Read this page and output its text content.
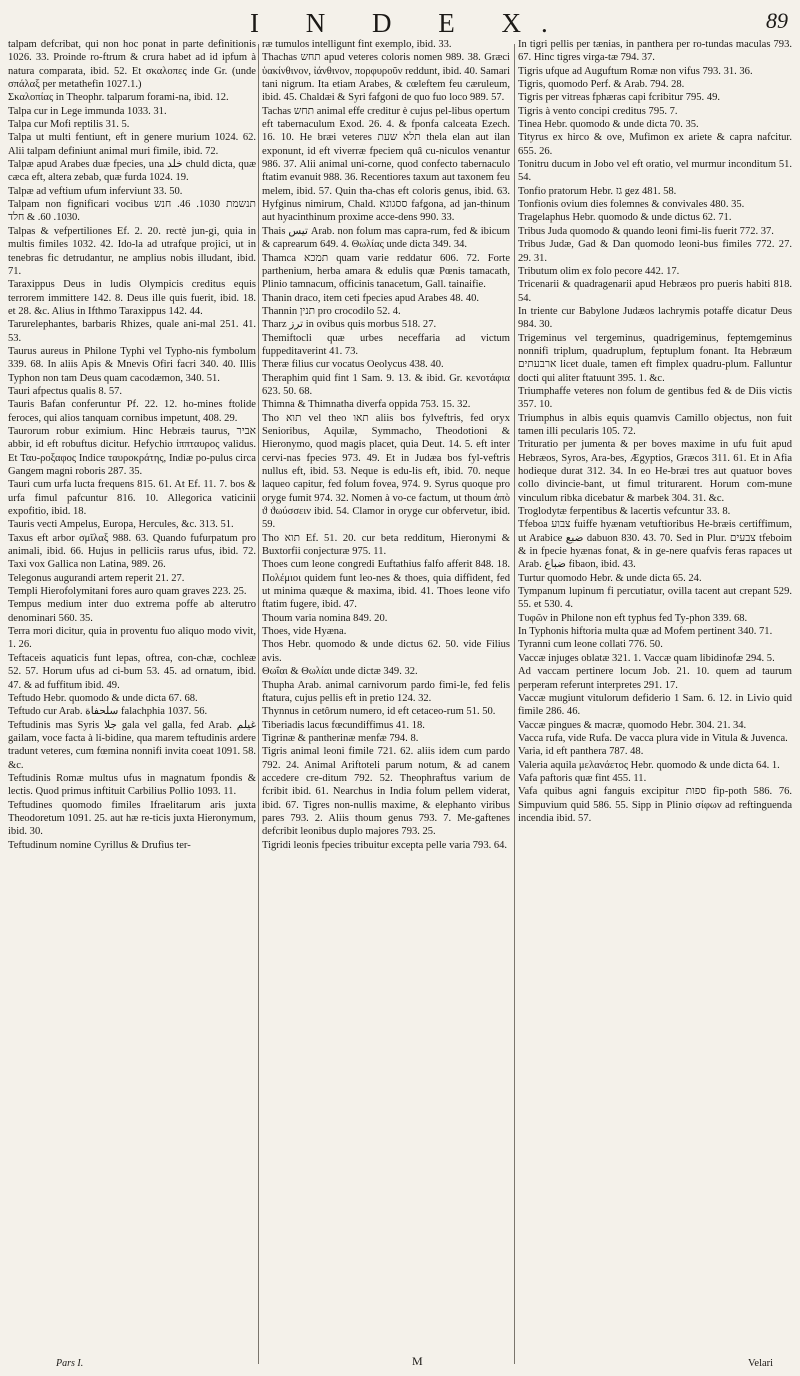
I N D E X.	89

talpam defcribat, qui non hoc ponat in parte definitionis 1026. 33. Proinde ro-ftrum & crura habet ad id ipfum à natura comparata, ibid. 52. Et σκαλοπες inde Gr. (unde σπάλαξ per metathefin 1027.1.)

Σκαλοπίας in Theophr. talparum forami-na, ibid. 12.

Talpa cur in Lege immunda 1033. 31.

Talpa cur Mofi reptilis 31. 5.

Talpa ut multi fentiunt, eft in genere murium 1024. 62. Alii talpam definiunt animal muri fimile, ibid. 72.

Talpæ apud Arabes duæ fpecies, una خلد chuld dicta, quæ cæca eft, altera zebab, quæ furda 1024. 19.

Talpæ ad veftium ufum inferviunt 33. 50.

Talpam non fignificari vocibus תנשמת 1030. 46. חנש 1030. 60. & חלד.

Talpas & vefpertiliones Ef. 2. 20. rectè jun-gi, quia in multis fimiles 1032. 42. Ido-la ad utrafque projici, ut in tenebras fic detrudantur, ne amplius nobis illudant, ibid. 71.

Taraxippus Deus in ludis Olympicis creditus equis terrorem immittere 142. 8. Deus ille quis fuerit, ibid. 18. et 28. &c. Alius in Ifthmo Taraxippus 142. 44.

Tarurelephantes, barbaris Rhizes, quale ani-mal 251. 41. 53.

Taurus aureus in Philone Typhi vel Typho-nis fymbolum 339. 68. In aliis Apis & Mnevis Ofiri facri 340. 40. Illis Typhon non tam Deus quam cacodæmon, 340. 51.

Tauri afpectus qualis 8. 57.

Tauris Bafan conferuntur Pf. 22. 12. ho-mines ftolide feroces, qui alios tanquam cornibus impetunt, 408. 29.

Taurorum robur eximium. Hinc Hebræis taurus, אביר abbir, id eft robuftus dicitur. Hefychio ἱππταυρος validus. Et Ταυ-ροξαφος Indice ταυροκράτης, Indiæ po-pulus circa Gangem magni roboris 287. 35.

Tauri cum urfa lucta frequens 815. 61. At Ef. 11. 7. bos & urfa fimul pafcuntur 816. 10. Allegorica vaticinii expofitio, ibid. 18.

Tauris vecti Ampelus, Europa, Hercules, &c. 313. 51.

Taxus eft arbor σμῖλαξ 988. 63. Quando fufurpatum pro animali, ibid. 66. Hujus in pelliciis rarus ufus, ibid. 72. Taxi vox Gallica non Latina, 989. 26.

Telegonus augurandi artem reperit 21. 27.

Templi Hierofolymitani fores auro quam graves 223. 25.

Tempus medium inter duo extrema poffe ab alterutro denominari 560. 35.

Terra mori dicitur, quia in proventu fuo aliquo modo vivit, 1. 26.

Teftaceis aquaticis funt lepas, oftrea, con-chæ, cochleæ 52. 57. Horum ufus ad ci-bum 53. 45. ad ornatum, ibid. 47. & ad fuffitum ibid. 49.

Teftudo Hebr. quomodo & unde dicta 67. 68.

Teftudo cur Arab. سلحفاة falachphia 1037. 56.

Teftudinis mas Syris جلا gala vel galla, fed Arab. غيلم gailam, voce facta à li-bidine, qua marem teftudinis ardere tradunt veteres, cum fœmina nonnifi invita coeat 1091. 58. &c.

Teftudinis Romæ multus ufus in magnatum fpondis & lectis. Quod primus inftituit Carbilius Pollio 1093. 11.

Teftudines quomodo fimiles Ifraelitarum aris juxta Theodoretum 1091. 25. aut hæ re-ticis juxta Hieronymum, ibid. 30.

Teftudinum nomine Cyrillus & Drufius ter-

ræ tumulos intelligunt fint exemplo, ibid. 33.

Thachas תחש apud veteres coloris nomen 989. 38. Græci ὑακίνθινον, ἰάνθινον, πορφυροῦν reddunt, ibid. 40. Samari tani nigrum. Ita etiam Arabes, & cœleftem feu cæruleum, ibid. 45. Chaldæi & Syri fafgoni de quo fuo loco 989. 57.

Tachas תחש animal effe creditur è cujus pel-libus opertum eft tabernaculum Exod. 26. 4. & fponfa calceata Ezech. 16. 10. He bræi veteres תלא שעת thela elan aut ilan exponunt, id eft viverræ fpeciem quâ cu-niculos venantur 986. 37. Alii animal uni-corne, quod confecto tabernaculo ftatim evanuit 988. 36. Recentiores taxum aut taxonem feu melem, ibid. 57. Quin tha-chas eft coloris genus, ibid. 63. Hyfginus nimirum, Chald. ססגונא fafgona, ad jan-thinum aut hyacinthinum proxime acce-dens 990. 33.

Thais تيس Arab. non folum mas capra-rum, fed & ibicum & caprearum 649. 4. Θωλίας unde dicta 349. 34.

Thamca תמכא quam varie reddatur 606. 72. Forte parthenium, herba amara & edulis quæ Pœnis tamacath, Plinio tamnacum, officinis tanacetum, Gall. tainaifie.

Thanin draco, item ceti fpecies apud Arabes 48. 40.

Thannin תנין pro crocodilo 52. 4.

Tharz ترز in ovibus quis morbus 518. 27.

Themiftocli quæ urbes neceffaria ad victum fuppeditaverint 41. 73.

Theræ filius cur vocatus Oeolycus 438. 40.

Theraphim quid fint 1 Sam. 9. 13. & ibid. Gr. κενοτάφια 623. 50. 68.

Thimna & Thimnatha diverfa oppida 753. 15. 32.

Tho תוא vel theo תאו aliis bos fylveftris, fed oryx Senioribus, Aquilæ, Symmacho, Theodotioni & Hieronymo, quod magis placet, quia Deut. 14. 5. eft inter cervi-nas fpecies 973. 49. Et in Judæa bos fyl-veftris nullus eft, ibid. 53. Neque is edu-lis eft, ibid. 70. neque laqueo capitur, fed folum fovea, 974. 9. Syrus quoque pro oryge fumit 974. 32. Nomen à vo-ce factum, ut thoum ἀπὸ ϑ ϑωύσσειν ibid. 54. Clamor in oryge cur obfervetur, ibid. 59.

Tho תוא Ef. 51. 20. cur beta redditum, Hieronymi & Buxtorfii conjecturæ 975. 11.

Thoes cum leone congredi Euftathius falfo afferit 848. 18. Πολέμιοι quidem funt leo-nes & thoes, quia diffident, fed ut minima quæque & maxima, ibid. 41. Thoes leone vifo ftatim fugere, ibid. 47.

Thoum varia nomina 849. 20.

Thoes, vide Hyæna.

Thos Hebr. quomodo & unde dictus 62. 50. vide Filius avis.

Θωΐαι & Θωλίαι unde dictæ 349. 32.

Thupha Arab. animal carnivorum pardo fimi-le, fed felis ftatura, cujus pellis eft in pretio 124. 32.

Thynnus in cetôrum numero, id eft cetaceo-rum 51. 50.

Tiberiadis lacus fœcundiffimus 41. 18.

Tigrinæ & pantherinæ menfæ 794. 8.

Tigris animal leoni fimile 721. 62. aliis idem cum pardo 792. 24. Animal Ariftoteli parum notum, & ad canem accedere cre-ditum 792. 52. Theophraftus varium de fcribit ibid. 61. Nearchus in India folum pellem viderat, ibid. 67. Tigres non-nullis maxime, & elephanto viribus pares 793. 2. Aliis thoum genus 793. 7. Me-gaftenes defcribit leonibus duplo majores 793. 25.

Tigridi leonis fpecies tribuitur excepta pelle varia 793. 64.

In tigri pellis per tænias, in panthera per ro-tundas maculas 793. 67. Hinc tigres virga-tæ 794. 37.

Tigris ufque ad Auguftum Romæ non vifus 793. 31. 36.

Tigris, quomodo Perf. & Arab. 794. 28.

Tigris per vitreas fphæras capi fcribitur 795. 49.

Tigris à vento concipi creditus 795. 7.

Tinea Hebr. quomodo & unde dicta 70. 35.

Tityrus ex hirco & ove, Mufimon ex ariete & capra nafcitur. 655. 26.

Tonitru ducum in Jobo vel eft oratio, vel murmur inconditum 51. 54.

Tonfio pratorum Hebr. גז gez 481. 58.

Tonfionis ovium dies folemnes & convivales 480. 35.

Tragelaphus Hebr. quomodo & unde dictus 62. 71.

Tribus Juda quomodo & quando leoni fimi-lis fuerit 772. 37.

Tribus Judæ, Gad & Dan quomodo leoni-bus fimiles 772. 27. 29. 31.

Tributum olim ex folo pecore 442. 17.

Tricenarii & quadragenarii apud Hebræos pro pueris habiti 818. 54.

In triente cur Babylone Judæos lachrymis potaffe dicatur Deus 984. 30.

Trigeminus vel tergeminus, quadrigeminus, feptemgeminus nonnifi triplum, quadruplum, feptuplum fonant. Ita Hebræum ארבעתים licet duale, tamen eft fimplex quadru-plum. Falluntur docti qui aliter ftatuunt 395. 1. &c.

Triumphaffe veteres non folum de gentibus fed & de Diis victis 357. 10.

Triumphus in albis equis quamvis Camillo objectus, non fuit tamen illi pecularis 105. 72.

Trituratio per jumenta & per boves maxime in ufu fuit apud Hebræos, Syros, Ara-bes, Ægyptios, Græcos 311. 61. Et in Afia hodieque durat 312. 34. In eo He-bræi tres aut quatuor boves collo divincie-bant, ut fimul triturarent. Horum com-mune vinculum ribka dicebatur & marbek 304. 31. &c.

Troglodytæ ferpentibus & lacertis vefcuntur 33. 8.

Tfeboa צבוע fuiffe hyænam vetuftioribus He-bræis certiffimum, ut Arabice ضبع dabuon 830. 43. 70. Sed in Plur. צבעים tfeboim & in fpecie hyænas fonat, & in ge-nere quafvis feras rapaces ut Arab. ضباع fibaon, ibid. 43.

Turtur quomodo Hebr. & unde dicta 65. 24.

Tympanum lupinum fi percutiatur, ovilla tacent aut crepant 529. 55. et 530. 4.

Τυφῶν in Philone non eft typhus fed Ty-phon 339. 68.

In Typhonis hiftoria multa quæ ad Mofem pertinent 340. 71.

Tyranni cum leone collati 776. 50.

Vaccæ injuges oblatæ 321. 1. Vaccæ quam libidinofæ 294. 5.

Ad vaccam pertinere locum Job. 21. 10. quem ad taurum perperam referunt interpretes 291. 17.

Vaccæ mugiunt vitulorum defiderio 1 Sam. 6. 12. in Livio quid fimile 286. 46.

Vaccæ pingues & macræ, quomodo Hebr. 304. 21. 34.

Vacca rufa, vide Rufa. De vacca plura vide in Vitula & Juvenca.

Varia, id eft panthera 787. 48.

Valeria aquila μελανάετος Hebr. quomodo & unde dicta 64. 1.

Vafa paftoris quæ fint 455. 11.

Vafa quibus agni fanguis excipitur ספות fip-poth 586. 76. Simpuvium quid 586. 55. Sipp in Plinio σίφων ad reftinguenda incendia ibid. 57.

Pars I.	M	Velari
